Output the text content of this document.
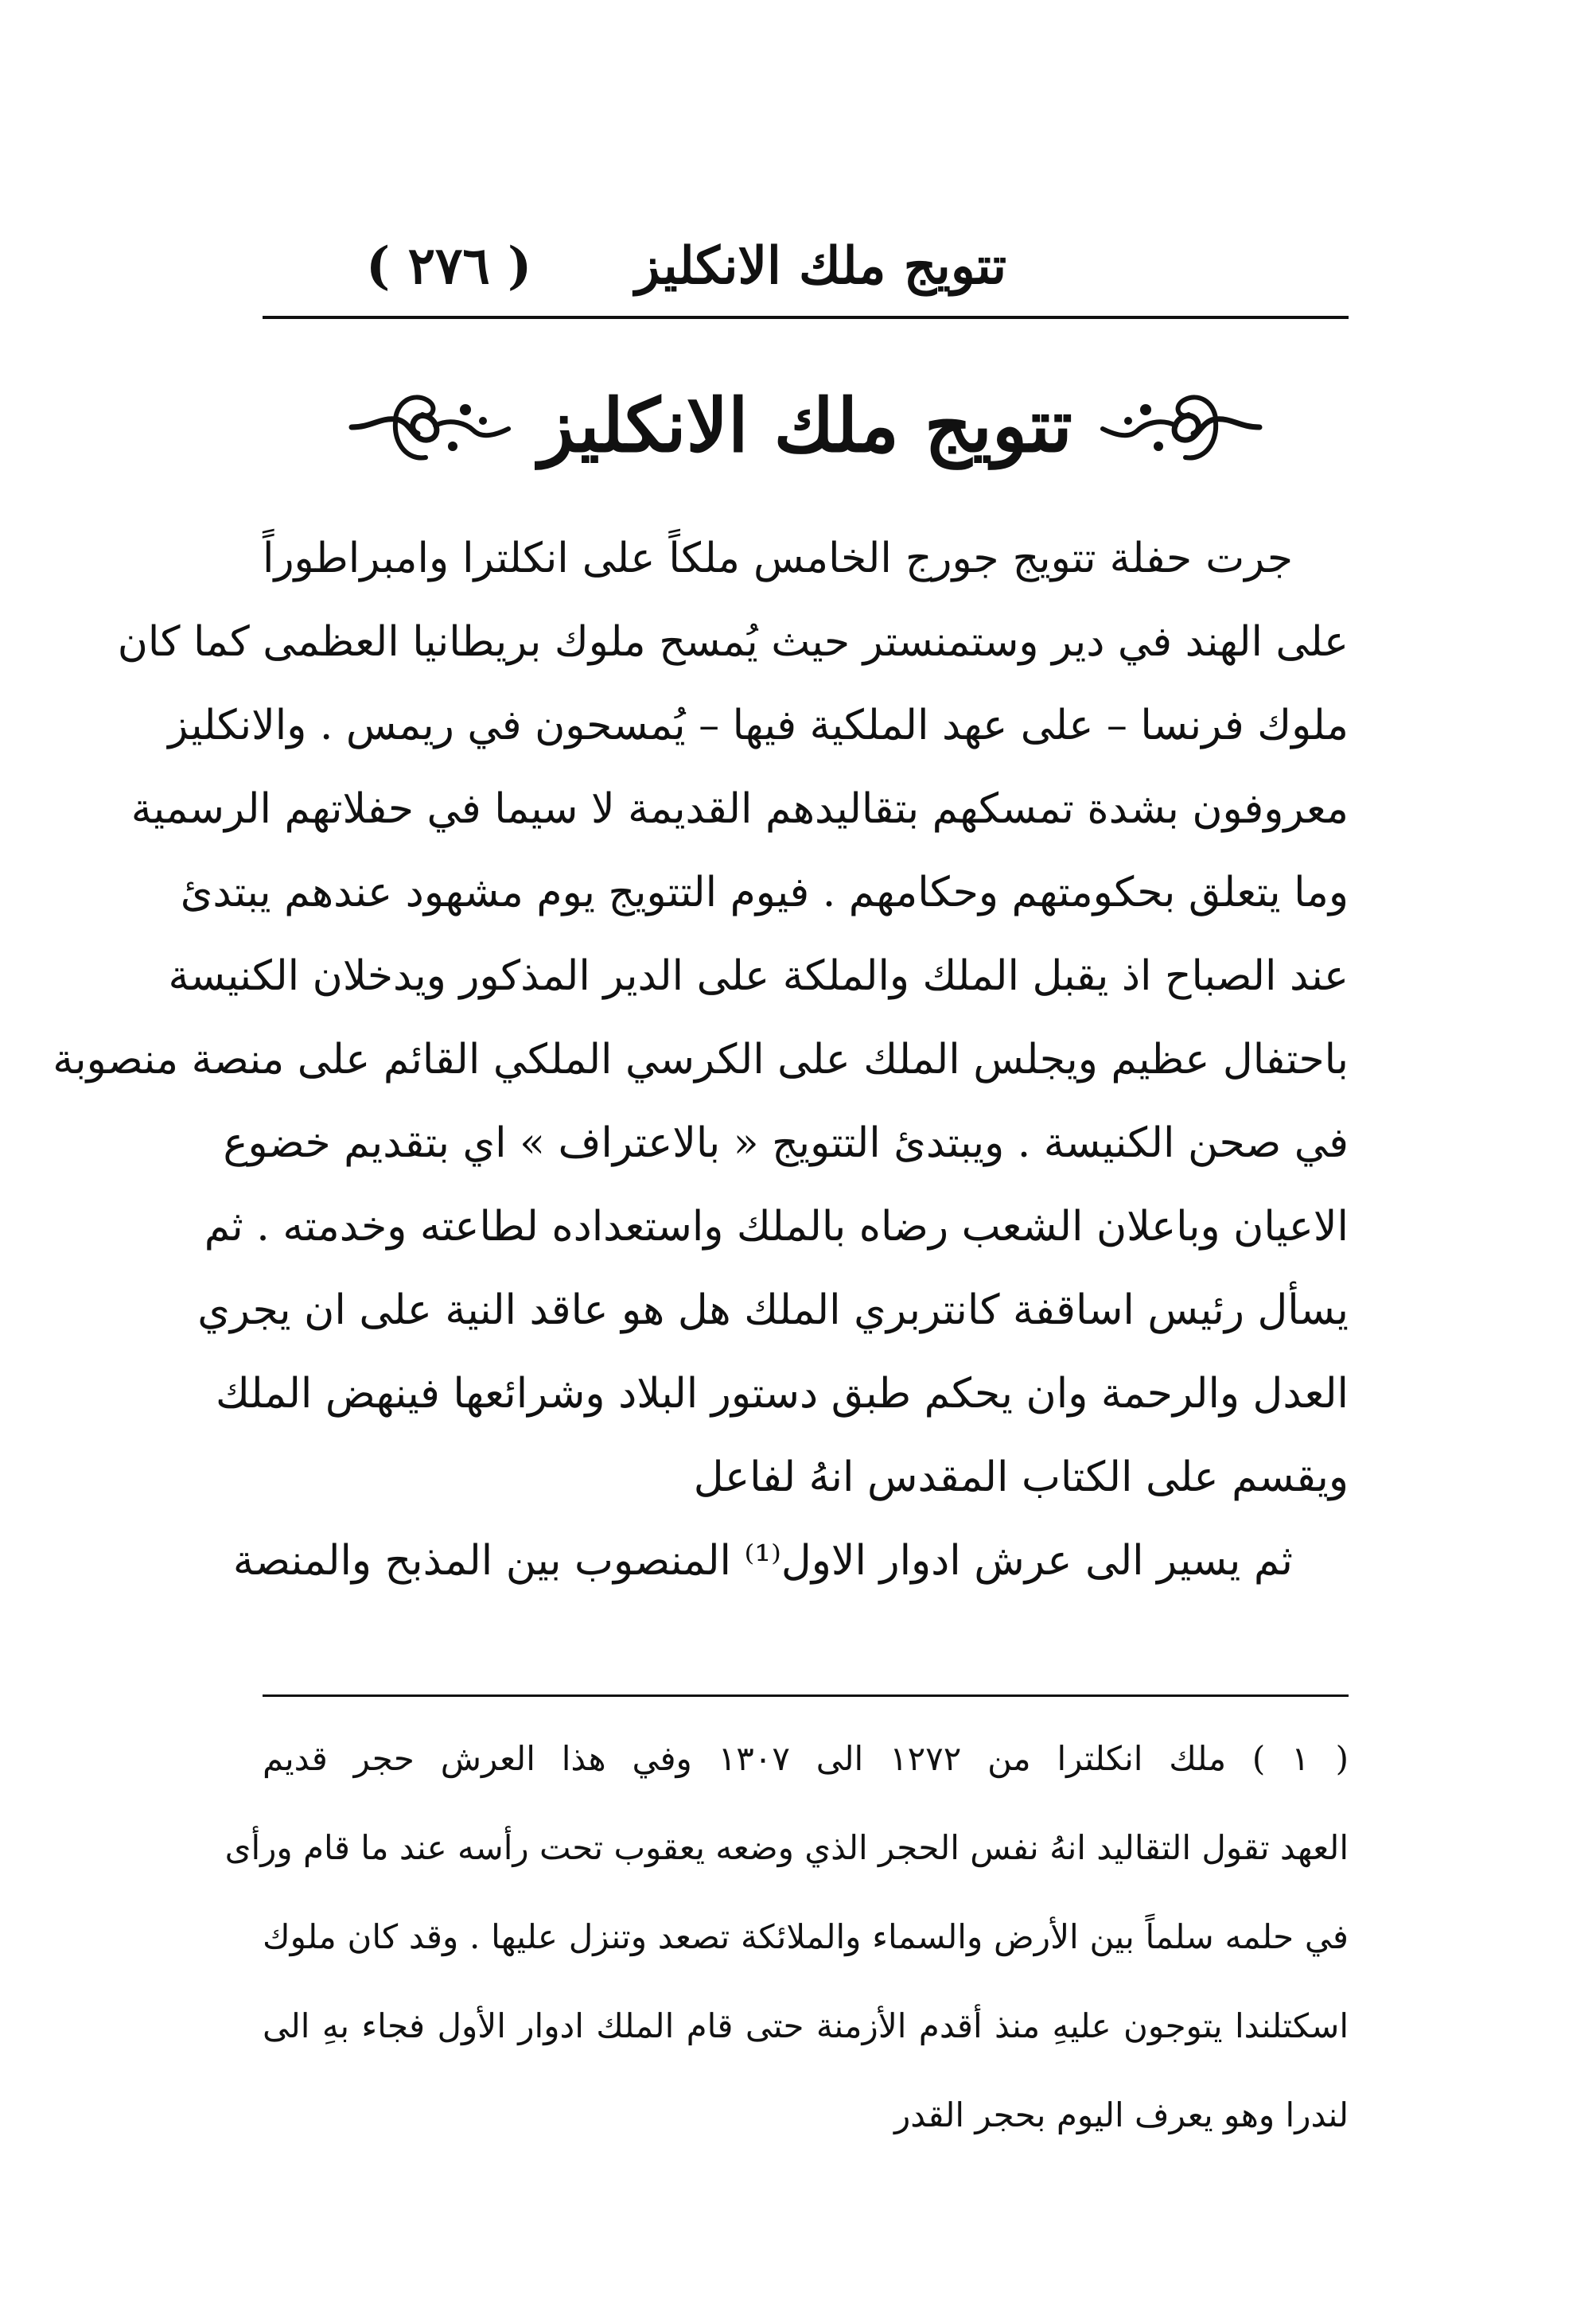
تتويج ملك الانكليز
( ٢٧٦ )
تتويج ملك الانكليز
جرت حفلة تتويج جورج الخامس ملكاً على انكلترا وامبراطوراً
على الهند في دير وستمنستر حيث يُمسح ملوك بريطانيا العظمى كما كان
ملوك فرنسا – على عهد الملكية فيها – يُمسحون في ريمس . والانكليز
معروفون بشدة تمسكهم بتقاليدهم القديمة لا سيما في حفلاتهم الرسمية
وما يتعلق بحكومتهم وحكامهم . فيوم التتويج يوم مشهود عندهم يبتدئ
عند الصباح اذ يقبل الملك والملكة على الدير المذكور ويدخلان الكنيسة
باحتفال عظيم ويجلس الملك على الكرسي الملكي القائم على منصة منصوبة
في صحن الكنيسة . ويبتدئ التتويج « بالاعتراف » اي بتقديم خضوع
الاعيان وباعلان الشعب رضاه بالملك واستعداده لطاعته وخدمته . ثم
يسأل رئيس اساقفة كانتربري الملك هل هو عاقد النية على ان يجري
العدل والرحمة وان يحكم طبق دستور البلاد وشرائعها فينهض الملك
ويقسم على الكتاب المقدس انهُ لفاعل
ثم يسير الى عرش ادوار الاول⁽¹⁾ المنصوب بين المذبح والمنصة
( ١ ) ملك انكلترا من ١٢٧٢ الى ١٣٠٧ وفي هذا العرش حجر قديم
العهد تقول التقاليد انهُ نفس الحجر الذي وضعه يعقوب تحت رأسه عند ما قام ورأى
في حلمه سلماً بين الأرض والسماء والملائكة تصعد وتنزل عليها . وقد كان ملوك
اسكتلندا يتوجون عليهِ منذ أقدم الأزمنة حتى قام الملك ادوار الأول فجاء بهِ الى
لندرا وهو يعرف اليوم بحجر القدر
